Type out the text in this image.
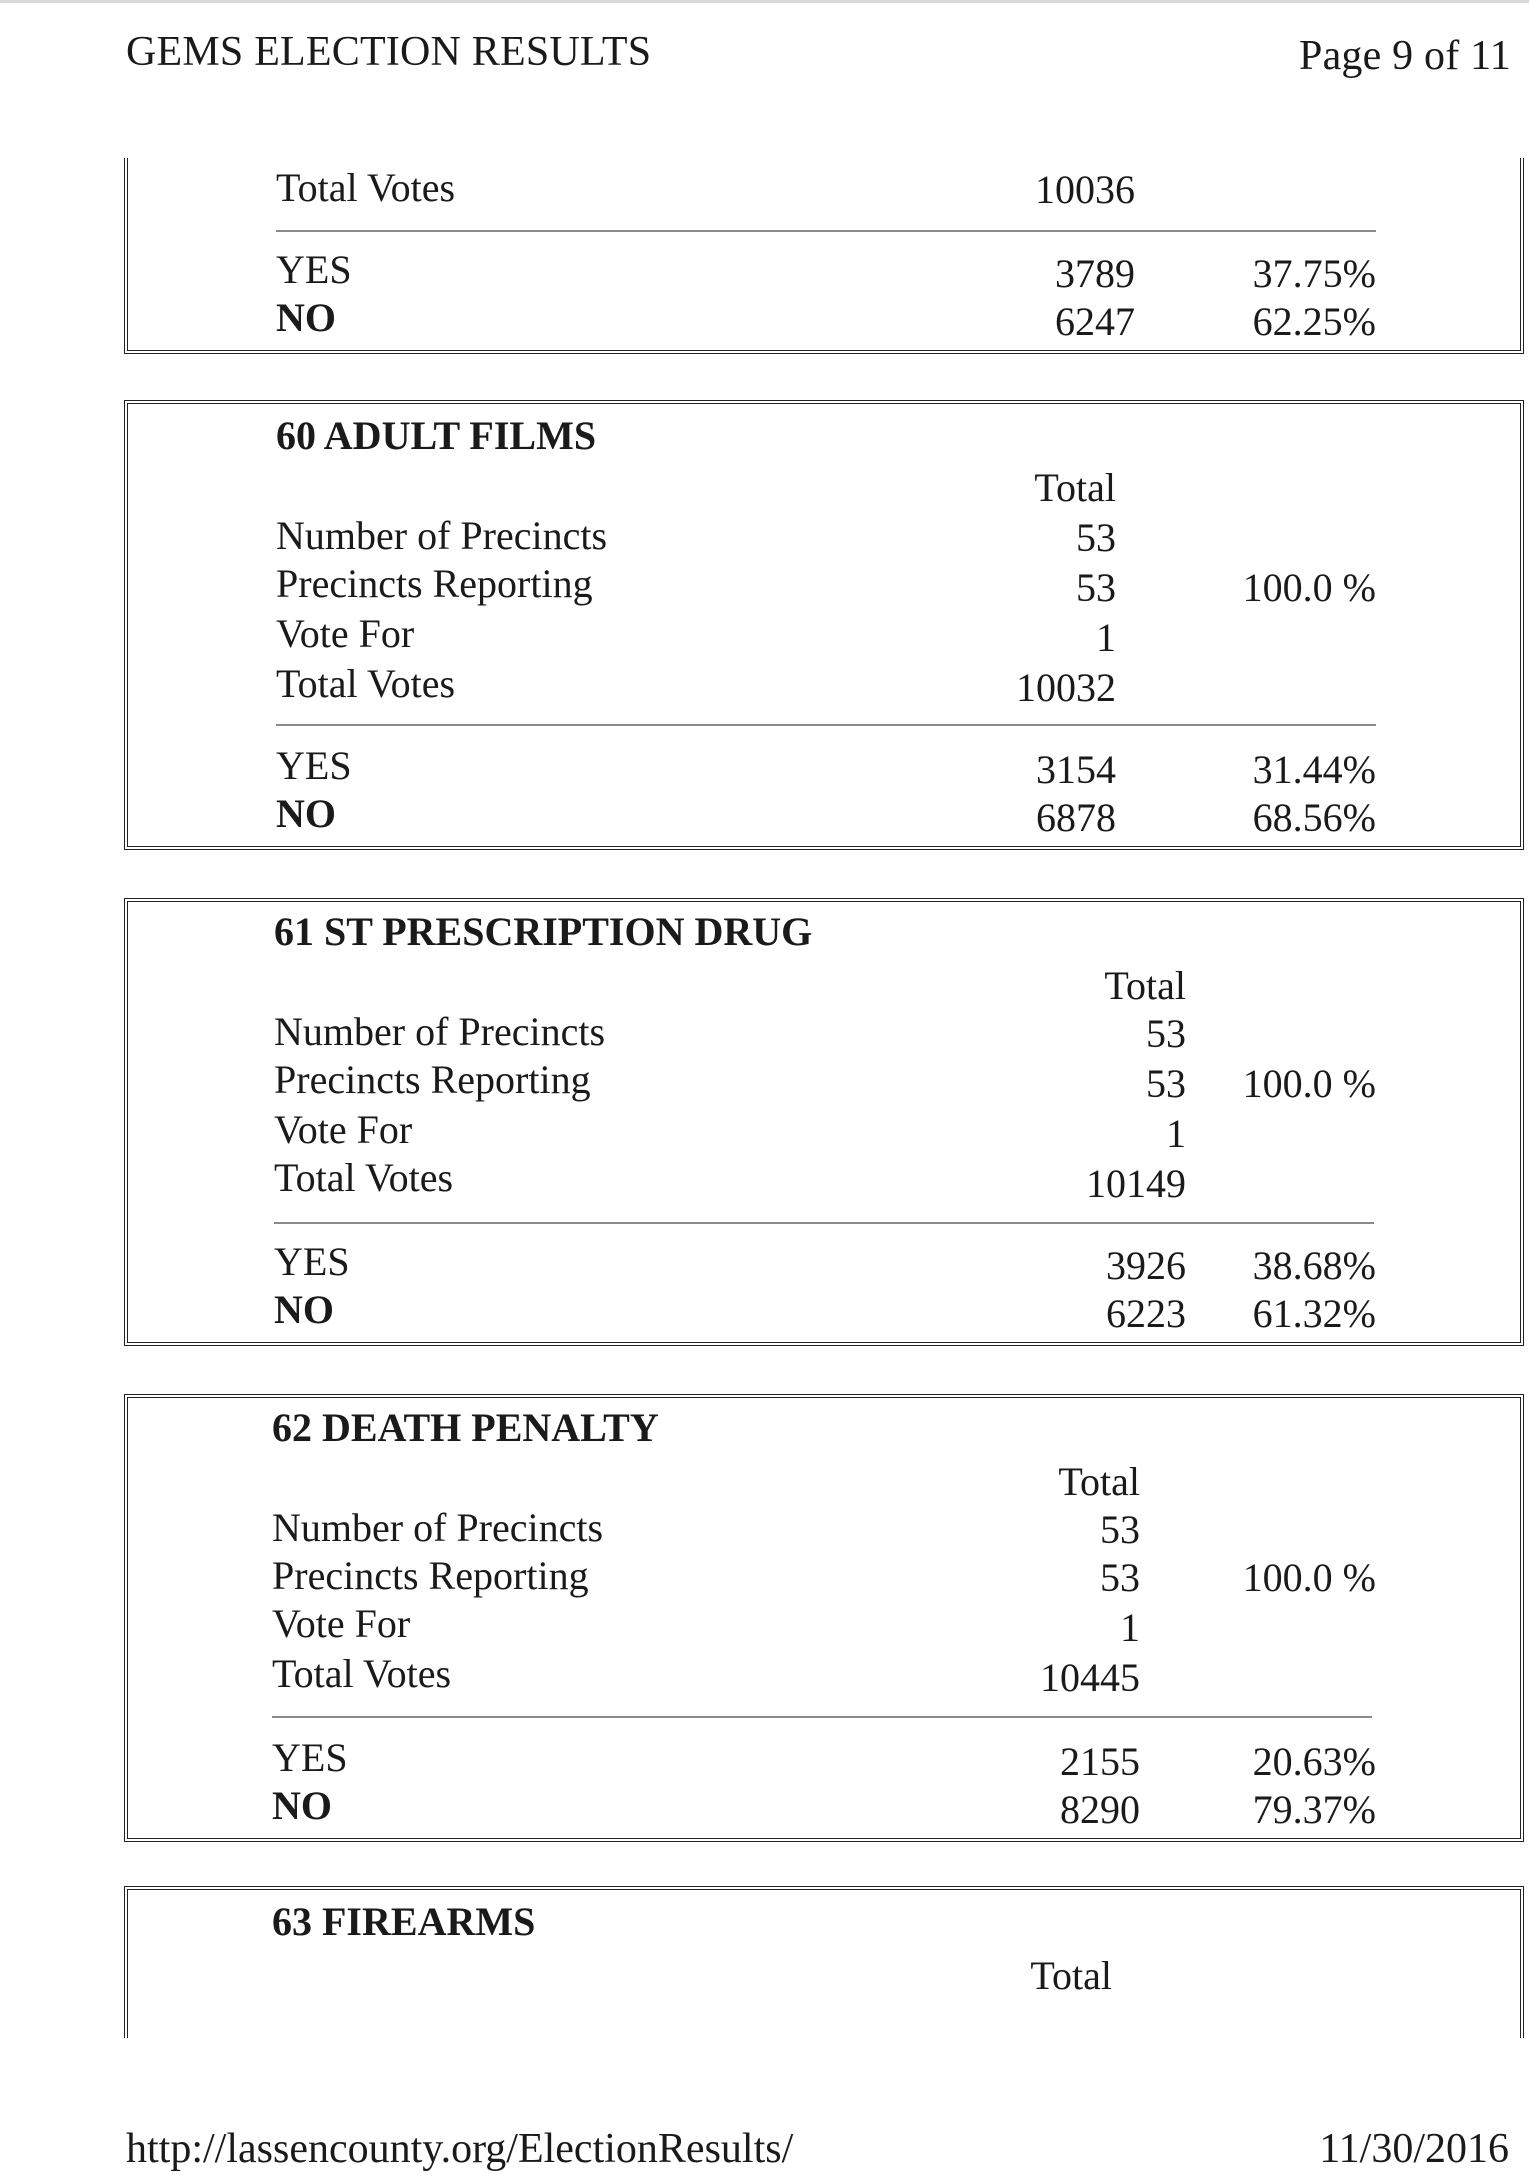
GEMS ELECTION RESULTS	Page 9 of 11
Total Votes	10036
YES	3789	37.75%
NO	6247	62.25%
60 ADULT FILMS
Total
Number of Precincts	53
Precincts Reporting	53	100.0 %
Vote For	1
Total Votes	10032
YES	3154	31.44%
NO	6878	68.56%
61 ST PRESCRIPTION DRUG
Total
Number of Precincts	53
Precincts Reporting	53	100.0 %
Vote For	1
Total Votes	10149
YES	3926	38.68%
NO	6223	61.32%
62 DEATH PENALTY
Total
Number of Precincts	53
Precincts Reporting	53	100.0 %
Vote For	1
Total Votes	10445
YES	2155	20.63%
NO	8290	79.37%
63 FIREARMS
Total
http://lassencounty.org/ElectionResults/	11/30/2016
